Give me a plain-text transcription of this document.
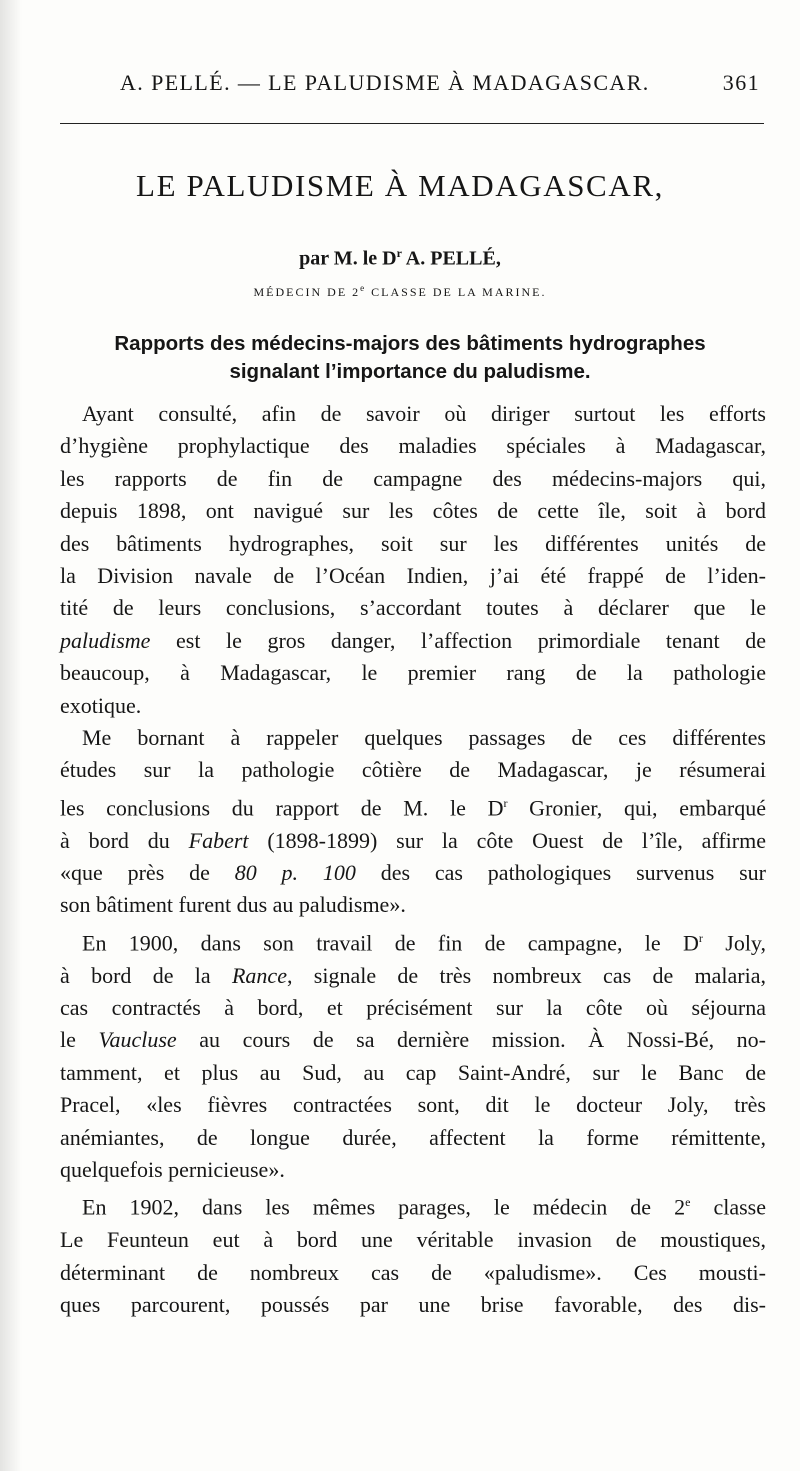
A. PELLÉ. — LE PALUDISME À MADAGASCAR.	361
LE PALUDISME À MADAGASCAR,
par M. le $D^r$ A. PELLÉ,
MÉDECIN DE 2e CLASSE DE LA MARINE.
Rapports des médecins-majors des bâtiments hydrographes
signalant l’importance du paludisme.

Ayant consulté, afin de savoir où diriger surtout les efforts
d’hygiène prophylactique des maladies spéciales à Madagascar,
les rapports de fin de campagne des médecins-majors qui,
depuis 1898, ont navigué sur les côtes de cette île, soit à bord
des bâtiments hydrographes, soit sur les différentes unités de
la Division navale de l’Océan Indien, j’ai été frappé de l’iden-
tité de leurs conclusions, s’accordant toutes à déclarer que le
paludisme est le gros danger, l’affection primordiale tenant de
beaucoup, à Madagascar, le premier rang de la pathologie
exotique.

Me bornant à rappeler quelques passages de ces différentes
études sur la pathologie côtière de Madagascar, je résumerai
les conclusions du rapport de M. le $D^r$ Gronier, qui, embarqué
à bord du Fabert (1898-1899) sur la côte Ouest de l’île, affirme
«que près de 80 p. 100 des cas pathologiques survenus sur
son bâtiment furent dus au paludisme».

En 1900, dans son travail de fin de campagne, le $D^r$ Joly,
à bord de la Rance, signale de très nombreux cas de malaria,
cas contractés à bord, et précisément sur la côte où séjourna
le Vaucluse au cours de sa dernière mission. À Nossi-Bé, no-
tamment, et plus au Sud, au cap Saint-André, sur le Banc de
Pracel, «les fièvres contractées sont, dit le docteur Joly, très
anémiantes, de longue durée, affectent la forme rémittente,
quelquefois pernicieuse».

En 1902, dans les mêmes parages, le médecin de 2e classe
Le Feunteun eut à bord une véritable invasion de moustiques,
déterminant de nombreux cas de «paludisme». Ces mousti-
ques parcourent, poussés par une brise favorable, des dis-
